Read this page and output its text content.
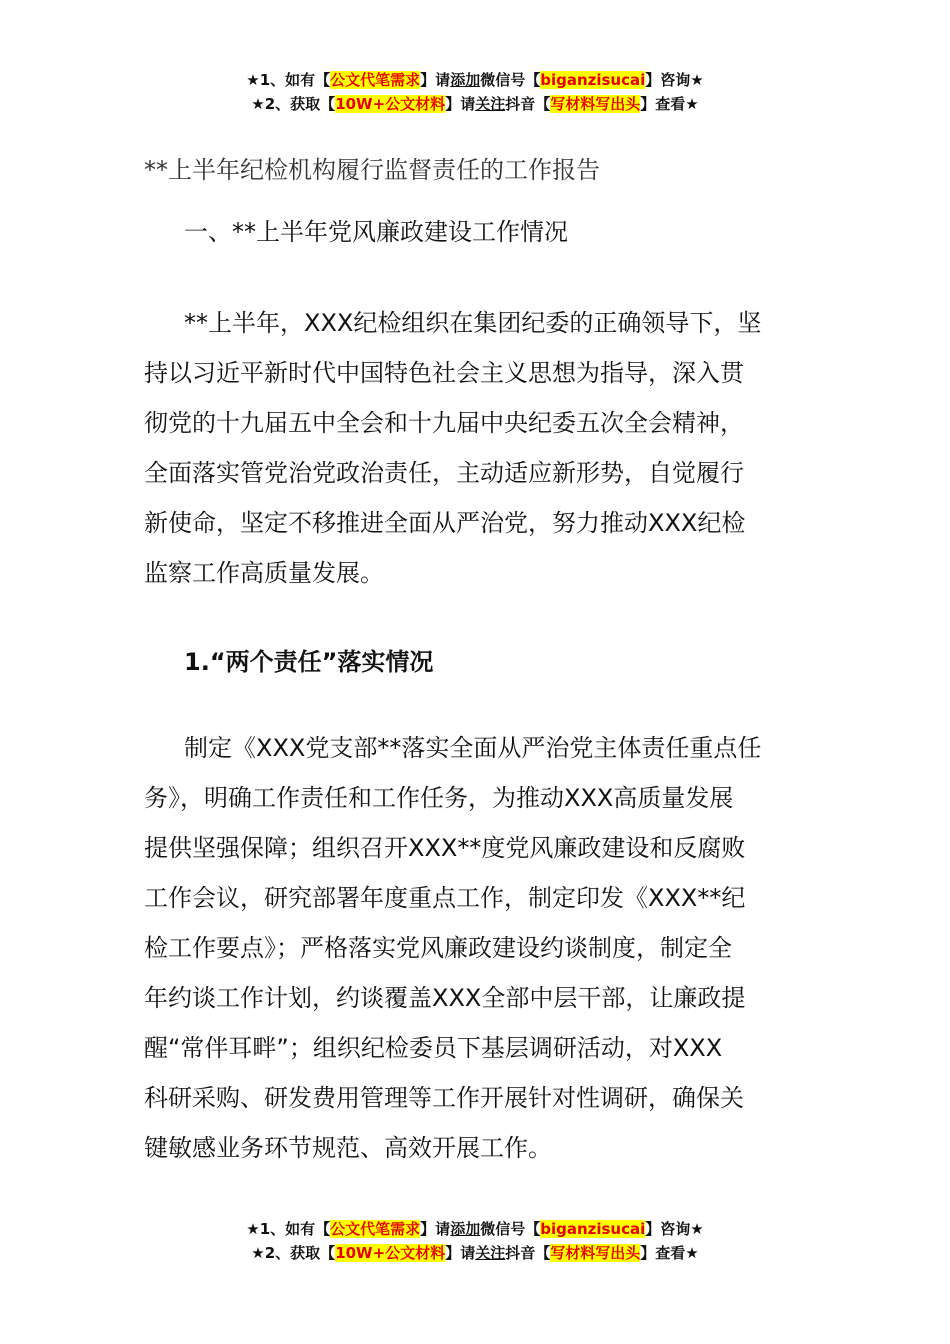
★1、如有【公文代笔需求】请添加微信号【biganzisucai】咨询★
★2、获取【10W+公文材料】请关注抖音【写材料写出头】查看★
**上半年纪检机构履行监督责任的工作报告
一、**上半年党风廉政建设工作情况
**上半年，XXX纪检组织在集团纪委的正确领导下，坚
持以习近平新时代中国特色社会主义思想为指导，深入贯
彻党的十九届五中全会和十九届中央纪委五次全会精神，
全面落实管党治党政治责任，主动适应新形势，自觉履行
新使命，坚定不移推进全面从严治党，努力推动XXX纪检
监察工作高质量发展。
1.“两个责任”落实情况
制定《XXX党支部**落实全面从严治党主体责任重点任
务》，明确工作责任和工作任务，为推动XXX高质量发展
提供坚强保障；组织召开XXX**度党风廉政建设和反腐败
工作会议，研究部署年度重点工作，制定印发《XXX**纪
检工作要点》；严格落实党风廉政建设约谈制度，制定全
年约谈工作计划，约谈覆盖XXX全部中层干部，让廉政提
醒“常伴耳畔”；组织纪检委员下基层调研活动，对XXX
科研采购、研发费用管理等工作开展针对性调研，确保关
键敏感业务环节规范、高效开展工作。
★1、如有【公文代笔需求】请添加微信号【biganzisucai】咨询★
★2、获取【10W+公文材料】请关注抖音【写材料写出头】查看★
